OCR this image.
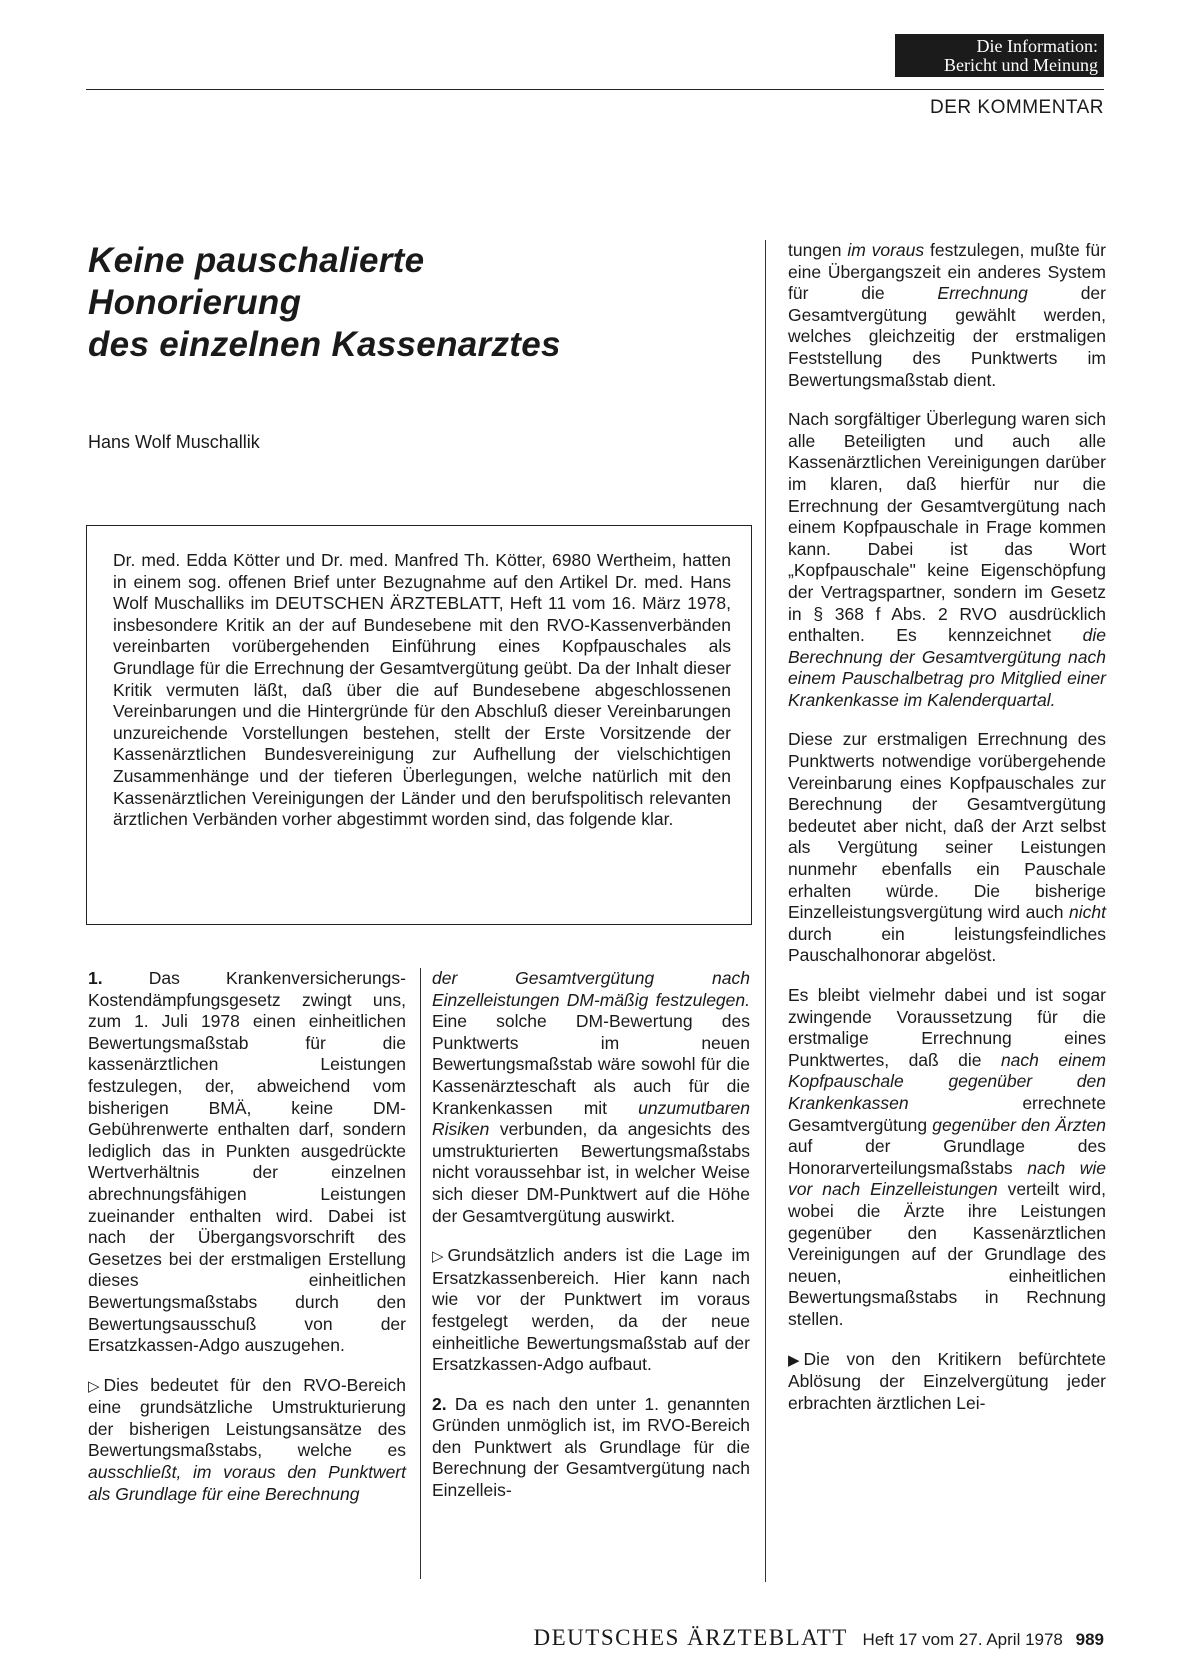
Die Information:
Bericht und Meinung
DER KOMMENTAR
Keine pauschalierte
Honorierung
des einzelnen Kassenarztes
Hans Wolf Muschallik

Dr. med. Edda Kötter und Dr. med. Manfred Th. Kötter, 6980 Wertheim, hatten in einem sog. offenen Brief unter Bezugnahme auf den Artikel Dr. med. Hans Wolf Muschalliks im DEUTSCHEN ÄRZTEBLATT, Heft 11 vom 16. März 1978, insbesondere Kritik an der auf Bundesebene mit den RVO-Kassenverbänden vereinbarten vorübergehenden Einführung eines Kopfpauschales als Grundlage für die Errechnung der Gesamtvergütung geübt. Da der Inhalt dieser Kritik vermuten läßt, daß über die auf Bundesebene abgeschlossenen Vereinbarungen und die Hintergründe für den Abschluß dieser Vereinbarungen unzureichende Vorstellungen bestehen, stellt der Erste Vorsitzende der Kassenärztlichen Bundesvereinigung zur Aufhellung der vielschichtigen Zusammenhänge und der tieferen Überlegungen, welche natürlich mit den Kassenärztlichen Vereinigungen der Länder und den berufspolitisch relevanten ärztlichen Verbänden vorher abgestimmt worden sind, das folgende klar.

1.	Das Krankenversicherungs-Kostendämpfungsgesetz zwingt uns, zum 1. Juli 1978 einen einheitlichen Bewertungsmaßstab für die kassenärztlichen Leistungen festzulegen, der, abweichend vom bisherigen BMÄ, keine DM-Gebührenwerte enthalten darf, sondern lediglich das in Punkten ausgedrückte Wertverhältnis der einzelnen abrechnungsfähigen Leistungen zueinander enthalten wird. Dabei ist nach der Übergangsvorschrift des Gesetzes bei der erstmaligen Erstellung dieses einheitlichen Bewertungsmaßstabs durch den Bewertungsausschuß von der Ersatzkassen-Adgo auszugehen.

▷ Dies bedeutet für den RVO-Bereich eine grundsätzliche Umstrukturierung der bisherigen Leistungsansätze des Bewertungsmaßstabs, welche es ausschließt, im voraus den Punktwert als Grundlage für eine Berechnung

der Gesamtvergütung nach Einzelleistungen DM-mäßig festzulegen. Eine solche DM-Bewertung des Punktwerts im neuen Bewertungsmaßstab wäre sowohl für die Kassenärzteschaft als auch für die Krankenkassen mit unzumutbaren Risiken verbunden, da angesichts des umstrukturierten Bewertungsmaßstabs nicht voraussehbar ist, in welcher Weise sich dieser DM-Punktwert auf die Höhe der Gesamtvergütung auswirkt.

▷ Grundsätzlich anders ist die Lage im Ersatzkassenbereich. Hier kann nach wie vor der Punktwert im voraus festgelegt werden, da der neue einheitliche Bewertungsmaßstab auf der Ersatzkassen-Adgo aufbaut.

2. Da es nach den unter 1. genannten Gründen unmöglich ist, im RVO-Bereich den Punktwert als Grundlage für die Berechnung der Gesamtvergütung nach Einzelleis-

tungen im voraus festzulegen, mußte für eine Übergangszeit ein anderes System für die	Errechnung	der Gesamtvergütung gewählt werden, welches gleichzeitig der erstmaligen Feststellung des Punktwerts im Bewertungsmaßstab dient.

Nach sorgfältiger Überlegung waren sich alle Beteiligten und auch alle Kassenärztlichen Vereinigungen darüber im klaren, daß hierfür nur die Errechnung der Gesamtvergütung nach einem Kopfpauschale in Frage kommen kann. Dabei ist das Wort „Kopfpauschale" keine Eigenschöpfung der Vertragspartner, sondern im Gesetz in § 368 f Abs. 2 RVO ausdrücklich enthalten. Es kennzeichnet die Berechnung der Gesamtvergütung nach einem Pauschalbetrag pro Mitglied einer Krankenkasse im Kalenderquartal.

Diese zur erstmaligen Errechnung des Punktwerts notwendige vorübergehende Vereinbarung eines Kopfpauschales zur Berechnung der Gesamtvergütung bedeutet aber nicht, daß der Arzt selbst als Vergütung seiner Leistungen nunmehr ebenfalls ein Pauschale erhalten würde. Die bisherige Einzelleistungsvergütung wird auch nicht durch ein leistungsfeindliches Pauschalhonorar abgelöst.

Es bleibt vielmehr dabei und ist sogar zwingende Voraussetzung für die erstmalige Errechnung eines Punktwertes, daß die nach einem Kopfpauschale gegenüber den Krankenkassen	errechnete Gesamtvergütung gegenüber den Ärzten auf der Grundlage des Honorarverteilungsmaßstabs nach wie vor nach Einzelleistungen verteilt wird, wobei die Ärzte ihre Leistungen gegenüber den Kassenärztlichen Vereinigungen auf der Grundlage des neuen, einheitlichen Bewertungsmaßstabs in Rechnung stellen.

▶ Die von den Kritikern befürchtete Ablösung der Einzelvergütung jeder erbrachten ärztlichen Lei-

DEUTSCHES ÄRZTEBLATT Heft 17 vom 27. April 1978 989
